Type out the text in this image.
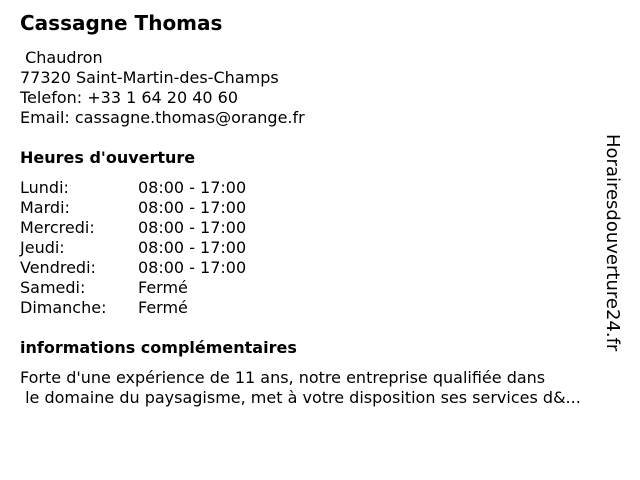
Cassagne Thomas
Chaudron
77320 Saint-Martin-des-Champs
Telefon: +33 1 64 20 40 60
Email: cassagne.thomas@orange.fr
Heures d'ouverture
Lundi:	08:00 - 17:00
Mardi:	08:00 - 17:00
Mercredi:	08:00 - 17:00
Jeudi:	08:00 - 17:00
Vendredi:	08:00 - 17:00
Samedi:	Fermé
Dimanche:	Fermé
informations complémentaires
Forte d'une expérience de 11 ans, notre entreprise qualifiée dans
le domaine du paysagisme, met à votre disposition ses services d&...
Horairesdouverture24.fr
